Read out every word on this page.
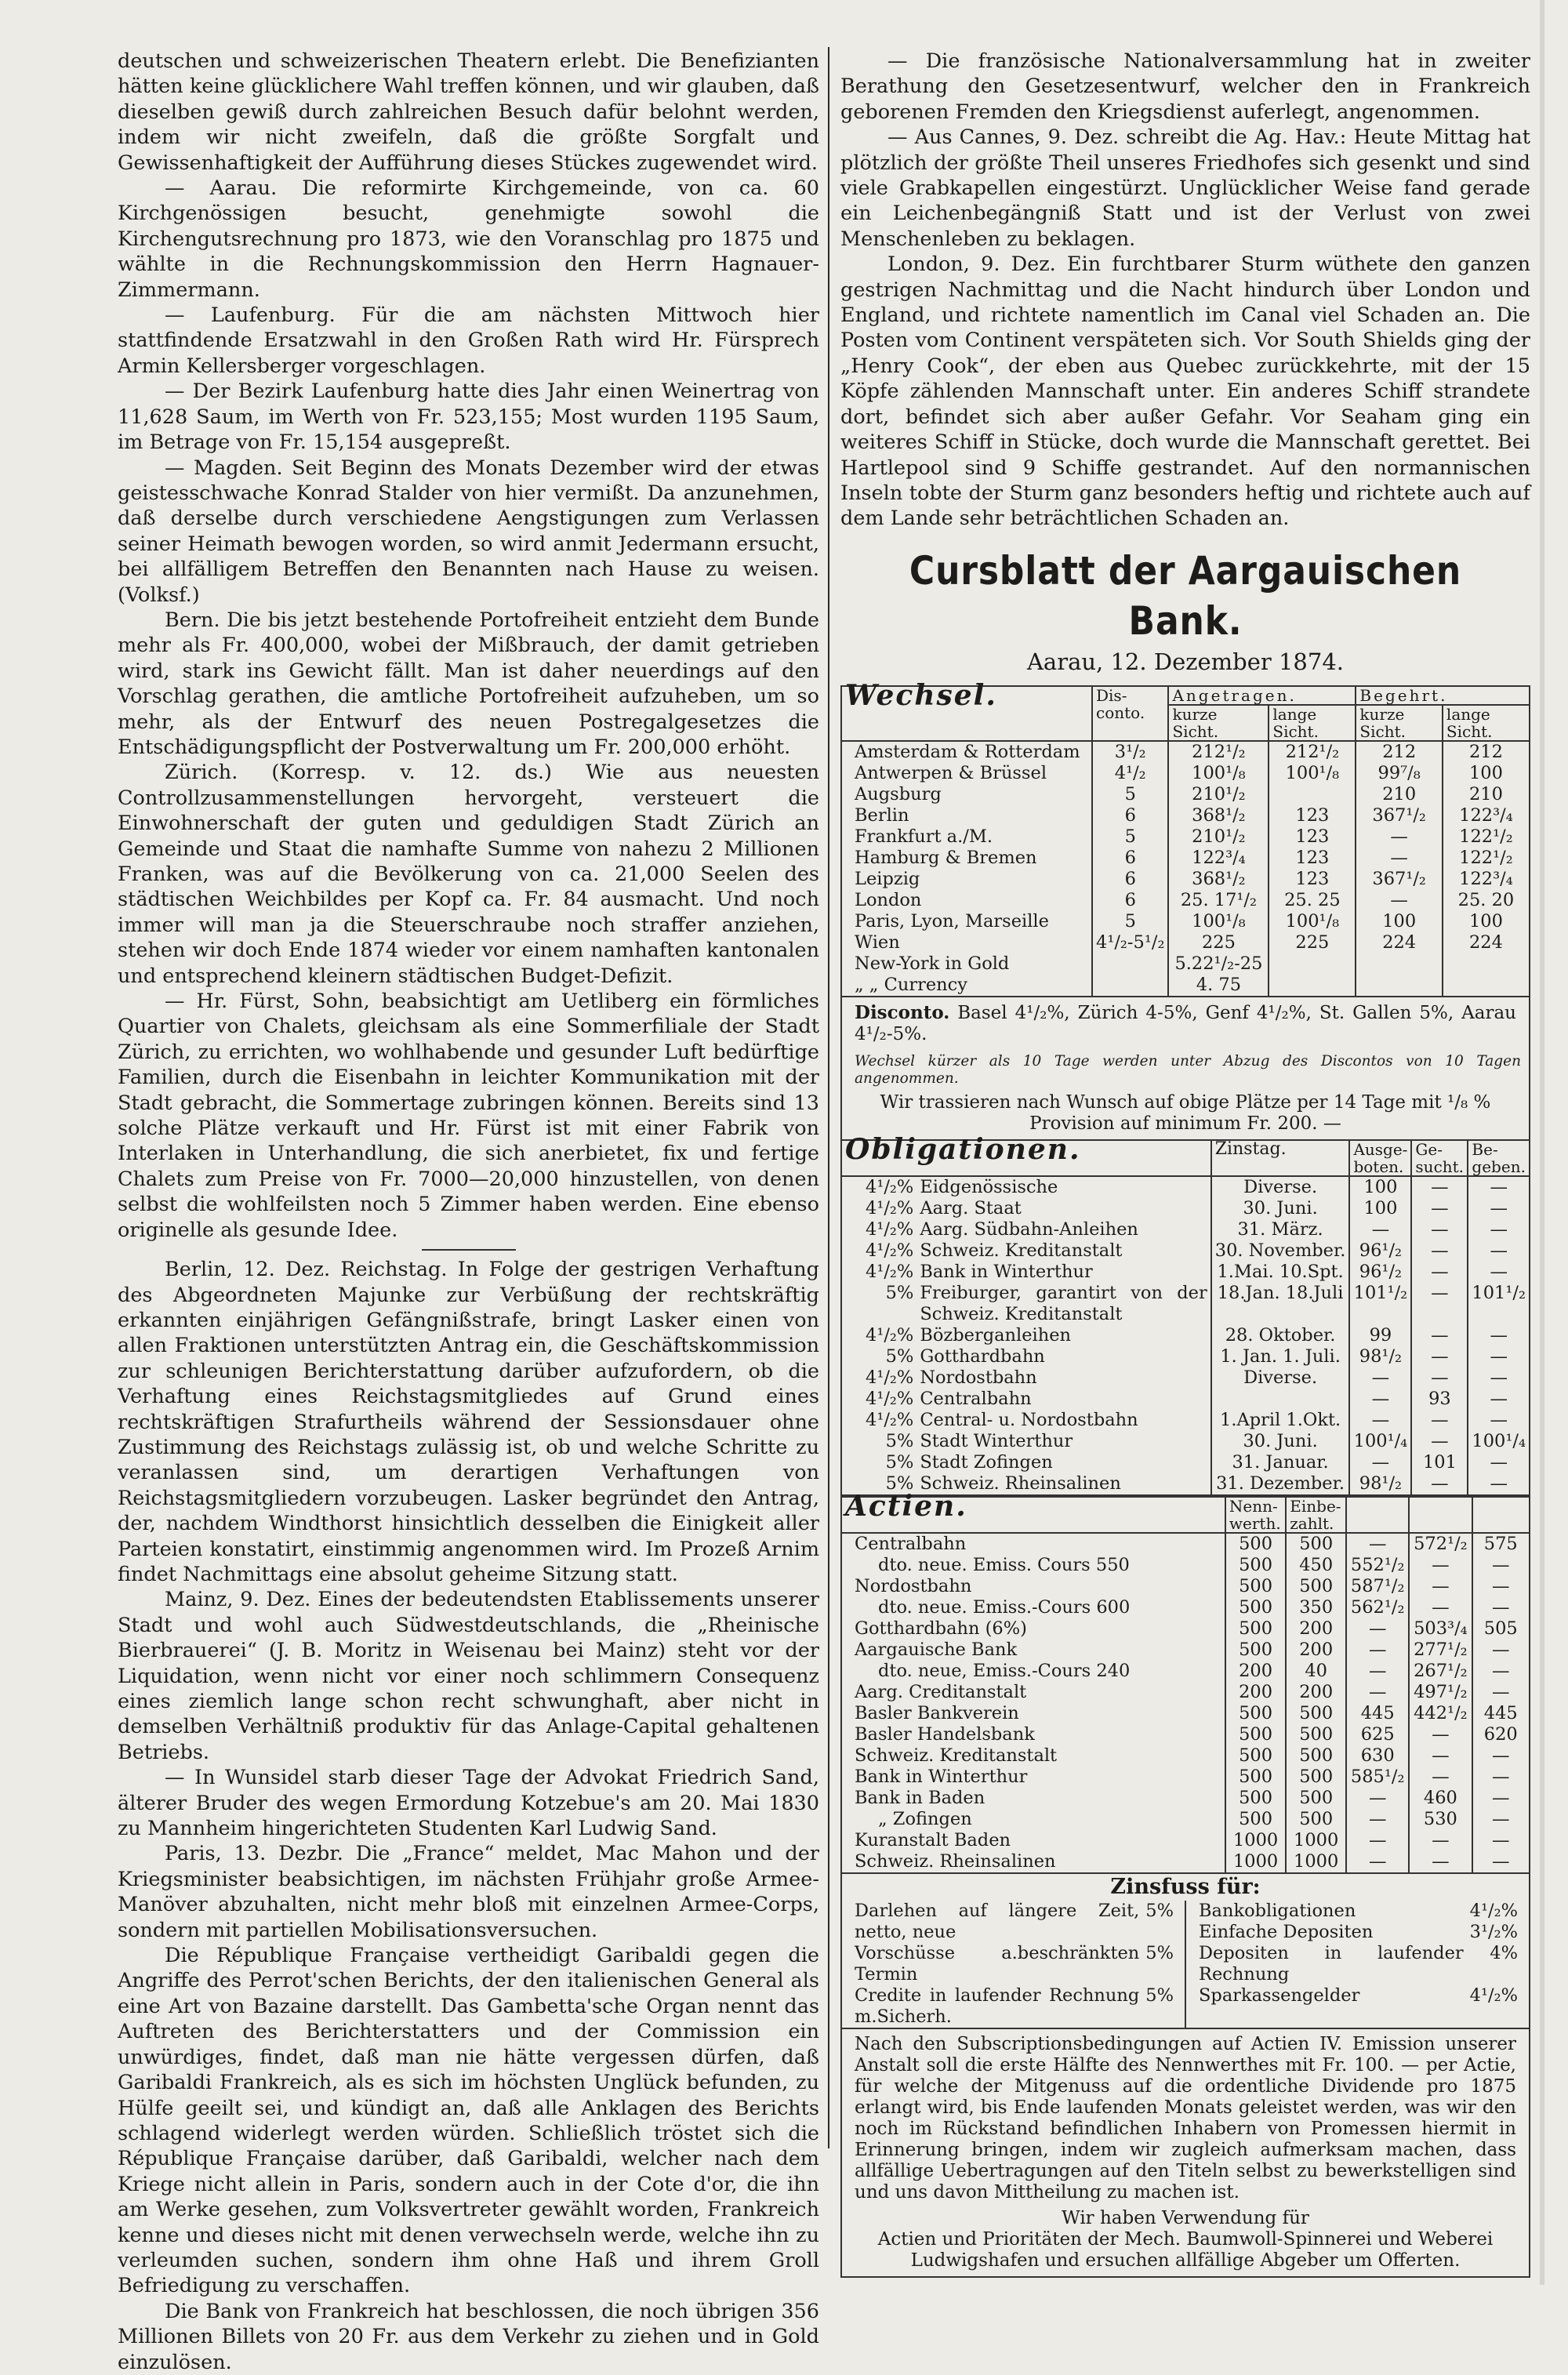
deutschen und schweizerischen Theatern erlebt. Die Benefizianten hätten keine glücklichere Wahl treffen können, und wir glauben, daß dieselben gewiß durch zahlreichen Besuch dafür belohnt werden, indem wir nicht zweifeln, daß die größte Sorgfalt und Gewissenhaftigkeit der Aufführung dieses Stückes zugewendet wird.

— Aarau. Die reformirte Kirchgemeinde, von ca. 60 Kirchgenössigen besucht, genehmigte sowohl die Kirchengutsrechnung pro 1873, wie den Voranschlag pro 1875 und wählte in die Rechnungskommission den Herrn Hagnauer-Zimmermann.

— Laufenburg. Für die am nächsten Mittwoch hier stattfindende Ersatzwahl in den Großen Rath wird Hr. Fürsprech Armin Kellersberger vorgeschlagen.

— Der Bezirk Laufenburg hatte dies Jahr einen Weinertrag von 11,628 Saum, im Werth von Fr. 523,155; Most wurden 1195 Saum, im Betrage von Fr. 15,154 ausgepreßt.

— Magden. Seit Beginn des Monats Dezember wird der etwas geistesschwache Konrad Stalder von hier vermißt. Da anzunehmen, daß derselbe durch verschiedene Aengstigungen zum Verlassen seiner Heimath bewogen worden, so wird anmit Jedermann ersucht, bei allfälligem Betreffen den Benannten nach Hause zu weisen. (Volksf.)

Bern. Die bis jetzt bestehende Portofreiheit entzieht dem Bunde mehr als Fr. 400,000, wobei der Mißbrauch, der damit getrieben wird, stark ins Gewicht fällt. Man ist daher neuerdings auf den Vorschlag gerathen, die amtliche Portofreiheit aufzuheben, um so mehr, als der Entwurf des neuen Postregalgesetzes die Entschädigungspflicht der Postverwaltung um Fr. 200,000 erhöht.

Zürich. (Korresp. v. 12. ds.) Wie aus neuesten Controllzusammenstellungen hervorgeht, versteuert die Einwohnerschaft der guten und geduldigen Stadt Zürich an Gemeinde und Staat die namhafte Summe von nahezu 2 Millionen Franken, was auf die Bevölkerung von ca. 21,000 Seelen des städtischen Weichbildes per Kopf ca. Fr. 84 ausmacht. Und noch immer will man ja die Steuerschraube noch straffer anziehen, stehen wir doch Ende 1874 wieder vor einem namhaften kantonalen und entsprechend kleinern städtischen Budget-Defizit.

— Hr. Fürst, Sohn, beabsichtigt am Uetliberg ein förmliches Quartier von Chalets, gleichsam als eine Sommerfiliale der Stadt Zürich, zu errichten, wo wohlhabende und gesunder Luft bedürftige Familien, durch die Eisenbahn in leichter Kommunikation mit der Stadt gebracht, die Sommertage zubringen können. Bereits sind 13 solche Plätze verkauft und Hr. Fürst ist mit einer Fabrik von Interlaken in Unterhandlung, die sich anerbietet, fix und fertige Chalets zum Preise von Fr. 7000—20,000 hinzustellen, von denen selbst die wohlfeilsten noch 5 Zimmer haben werden. Eine ebenso originelle als gesunde Idee.

Berlin, 12. Dez. Reichstag. In Folge der gestrigen Verhaftung des Abgeordneten Majunke zur Verbüßung der rechtskräftig erkannten einjährigen Gefängnißstrafe, bringt Lasker einen von allen Fraktionen unterstützten Antrag ein, die Geschäftskommission zur schleunigen Berichterstattung darüber aufzufordern, ob die Verhaftung eines Reichstagsmitgliedes auf Grund eines rechtskräftigen Strafurtheils während der Sessionsdauer ohne Zustimmung des Reichstags zulässig ist, ob und welche Schritte zu veranlassen sind, um derartigen Verhaftungen von Reichstagsmitgliedern vorzubeugen. Lasker begründet den Antrag, der, nachdem Windthorst hinsichtlich desselben die Einigkeit aller Parteien konstatirt, einstimmig angenommen wird. Im Prozeß Arnim findet Nachmittags eine absolut geheime Sitzung statt.

Mainz, 9. Dez. Eines der bedeutendsten Etablissements unserer Stadt und wohl auch Südwestdeutschlands, die „Rheinische Bierbrauerei“ (J. B. Moritz in Weisenau bei Mainz) steht vor der Liquidation, wenn nicht vor einer noch schlimmern Consequenz eines ziemlich lange schon recht schwunghaft, aber nicht in demselben Verhältniß produktiv für das Anlage-Capital gehaltenen Betriebs.

— In Wunsidel starb dieser Tage der Advokat Friedrich Sand, älterer Bruder des wegen Ermordung Kotzebue's am 20. Mai 1830 zu Mannheim hingerichteten Studenten Karl Ludwig Sand.

Paris, 13. Dezbr. Die „France“ meldet, Mac Mahon und der Kriegsminister beabsichtigen, im nächsten Frühjahr große Armee-Manöver abzuhalten, nicht mehr bloß mit einzelnen Armee-Corps, sondern mit partiellen Mobilisationsversuchen.

Die République Française vertheidigt Garibaldi gegen die Angriffe des Perrot'schen Berichts, der den italienischen General als eine Art von Bazaine darstellt. Das Gambetta'sche Organ nennt das Auftreten des Berichterstatters und der Commission ein unwürdiges, findet, daß man nie hätte vergessen dürfen, daß Garibaldi Frankreich, als es sich im höchsten Unglück befunden, zu Hülfe geeilt sei, und kündigt an, daß alle Anklagen des Berichts schlagend widerlegt werden würden. Schließlich tröstet sich die République Française darüber, daß Garibaldi, welcher nach dem Kriege nicht allein in Paris, sondern auch in der Cote d'or, die ihn am Werke gesehen, zum Volksvertreter gewählt worden, Frankreich kenne und dieses nicht mit denen verwechseln werde, welche ihn zu verleumden suchen, sondern ihm ohne Haß und ihrem Groll Befriedigung zu verschaffen.

Die Bank von Frankreich hat beschlossen, die noch übrigen 356 Millionen Billets von 20 Fr. aus dem Verkehr zu ziehen und in Gold einzulösen.

— Die französische Nationalversammlung hat in zweiter Berathung den Gesetzesentwurf, welcher den in Frankreich geborenen Fremden den Kriegsdienst auferlegt, angenommen.

— Aus Cannes, 9. Dez. schreibt die Ag. Hav.: Heute Mittag hat plötzlich der größte Theil unseres Friedhofes sich gesenkt und sind viele Grabkapellen eingestürzt. Unglücklicher Weise fand gerade ein Leichenbegängniß Statt und ist der Verlust von zwei Menschenleben zu beklagen.

London, 9. Dez. Ein furchtbarer Sturm wüthete den ganzen gestrigen Nachmittag und die Nacht hindurch über London und England, und richtete namentlich im Canal viel Schaden an. Die Posten vom Continent verspäteten sich. Vor South Shields ging der „Henry Cook“, der eben aus Quebec zurückkehrte, mit der 15 Köpfe zählenden Mannschaft unter. Ein anderes Schiff strandete dort, befindet sich aber außer Gefahr. Vor Seaham ging ein weiteres Schiff in Stücke, doch wurde die Mannschaft gerettet. Bei Hartlepool sind 9 Schiffe gestrandet. Auf den normannischen Inseln tobte der Sturm ganz besonders heftig und richtete auch auf dem Lande sehr beträchtlichen Schaden an.

Cursblatt der Aargauischen Bank.
Aarau, 12. Dezember 1874.
Wechsel.	Dis- conto.	Angetragen.		Begehrt.	
		kurze Sicht.	lange Sicht.	kurze Sicht.	lange Sicht.
Amsterdam & Rotterdam	3¹/₂	212¹/₂	212¹/₂	212	212
Antwerpen & Brüssel	4¹/₂	100¹/₈	100¹/₈	99⁷/₈	100
Augsburg	5	210¹/₂		210	210
Berlin	6	368¹/₂	123	367¹/₂	122³/₄
Frankfurt a./M.	5	210¹/₂	123	—	122¹/₂
Hamburg & Bremen	6	122³/₄	123	—	122¹/₂
Leipzig	6	368¹/₂	123	367¹/₂	122³/₄
London	6	25. 17¹/₂	25. 25	—	25. 20
Paris, Lyon, Marseille	5	100¹/₈	100¹/₈	100	100
Wien	4¹/₂-5¹/₂	225	225	224	224
New-York in Gold		5.22¹/₂-25			
„ „ Currency		4. 75			
Disconto. Basel 4¹/₂%, Zürich 4-5%, Genf 4¹/₂%, St. Gallen 5%, Aarau 4¹/₂-5%.
Wechsel kürzer als 10 Tage werden unter Abzug des Discontos von 10 Tagen angenommen.
Wir trassieren nach Wunsch auf obige Plätze per 14 Tage mit ¹/₈ % Provision auf minimum Fr. 200. —
Obligationen.		Zinstag.	Ausge- boten.	Ge- sucht.	Be- geben.
4¹/₂%	Eidgenössische	Diverse.	100	—	—
4¹/₂%	Aarg. Staat	30. Juni.	100	—	—
4¹/₂%	Aarg. Südbahn-Anleihen	31. März.	—	—	—
4¹/₂%	Schweiz. Kreditanstalt	30. November.	96¹/₂	—	—
4¹/₂%	Bank in Winterthur	1.Mai. 10.Spt.	96¹/₂	—	—
5%	Freiburger, garantirt von der Schweiz. Kreditanstalt	18.Jan. 18.Juli	101¹/₂	—	101¹/₂
4¹/₂%	Bözberganleihen	28. Oktober.	99	—	—
5%	Gotthardbahn	1. Jan. 1. Juli.	98¹/₂	—	—
4¹/₂%	Nordostbahn	Diverse.	—	—	—
4¹/₂%	Centralbahn		—	93	—
4¹/₂%	Central- u. Nordostbahn	1.April 1.Okt.	—	—	—
5%	Stadt Winterthur	30. Juni.	100¹/₄	—	100¹/₄
5%	Stadt Zofingen	31. Januar.	—	101	—
5%	Schweiz. Rheinsalinen	31. Dezember.	98¹/₂	—	—
Actien.	Nenn- werth.	Einbe- zahlt.			
Centralbahn	500	500	—	572¹/₂	575
dto. neue. Emiss. Cours 550	500	450	552¹/₂	—	—
Nordostbahn	500	500	587¹/₂	—	—
dto. neue. Emiss.-Cours 600	500	350	562¹/₂	—	—
Gotthardbahn (6%)	500	200	—	503³/₄	505
Aargauische Bank	500	200	—	277¹/₂	—
dto. neue, Emiss.-Cours 240	200	40	—	267¹/₂	—
Aarg. Creditanstalt	200	200	—	497¹/₂	—
Basler Bankverein	500	500	445	442¹/₂	445
Basler Handelsbank	500	500	625	—	620
Schweiz. Kreditanstalt	500	500	630	—	—
Bank in Winterthur	500	500	585¹/₂	—	—
Bank in Baden	500	500	—	460	—
„ Zofingen	500	500	—	530	—
Kuranstalt Baden	1000	1000	—	—	—
Schweiz. Rheinsalinen	1000	1000	—	—	—
Zinsfuss für:
Darlehen auf längere Zeit, netto, neue	5%
Vorschüsse a.beschränkten Termin	5%
Credite in laufender Rechnung m.Sicherh.	5%

Bankobligationen	4¹/₂%
Einfache Depositen	3¹/₂%
Depositen in laufender Rechnung	4%
Sparkassengelder	4¹/₂%
Nach den Subscriptionsbedingungen auf Actien IV. Emission unserer Anstalt soll die erste Hälfte des Nennwerthes mit Fr. 100. — per Actie, für welche der Mitgenuss auf die ordentliche Dividende pro 1875 erlangt wird, bis Ende laufenden Monats geleistet werden, was wir den noch im Rückstand befindlichen Inhabern von Promessen hiermit in Erinnerung bringen, indem wir zugleich aufmerksam machen, dass allfällige Uebertragungen auf den Titeln selbst zu bewerkstelligen sind und uns davon Mittheilung zu machen ist.
Wir haben Verwendung für
Actien und Prioritäten der Mech. Baumwoll-Spinnerei und Weberei Ludwigshafen und ersuchen allfällige Abgeber um Offerten.
